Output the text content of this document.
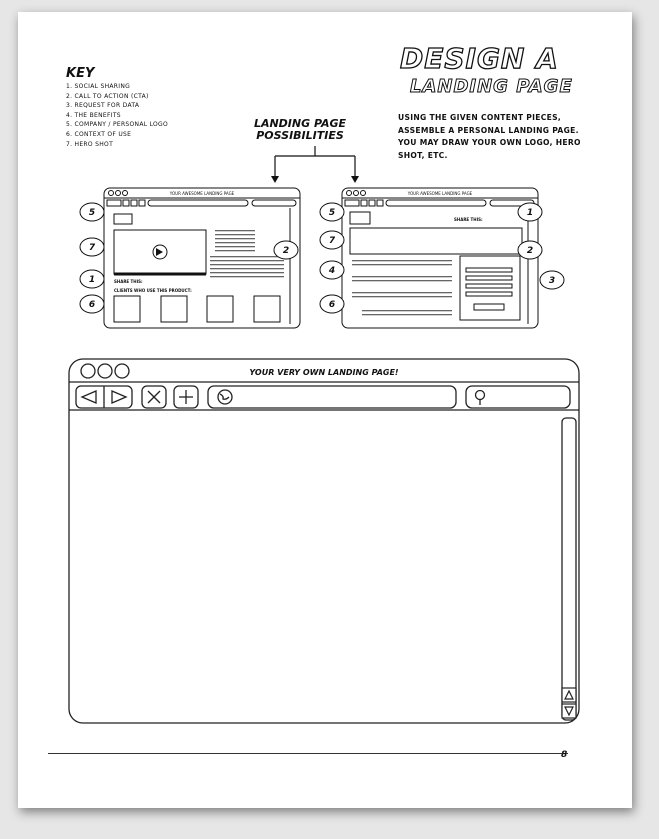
KEY
1. SOCIAL SHARING
2. CALL TO ACTION (CTA)
3. REQUEST FOR DATA
4. THE BENEFITS
5. COMPANY / PERSONAL LOGO
6. CONTEXT OF USE
7. HERO SHOT
DESIGN A
LANDING PAGE
USING THE GIVEN CONTENT PIECES, ASSEMBLE A PERSONAL LANDING PAGE. YOU MAY DRAW YOUR OWN LOGO, HERO SHOT, ETC.
LANDING PAGE
POSSIBILITIES
YOUR AWESOME LANDING PAGE
SHARE THIS:
CLIENTS WHO USE THIS PRODUCT:
5
7
1
6
2
YOUR AWESOME LANDING PAGE
SHARE THIS:
5
7
4
6
1
2
3
YOUR VERY OWN LANDING PAGE!
8
